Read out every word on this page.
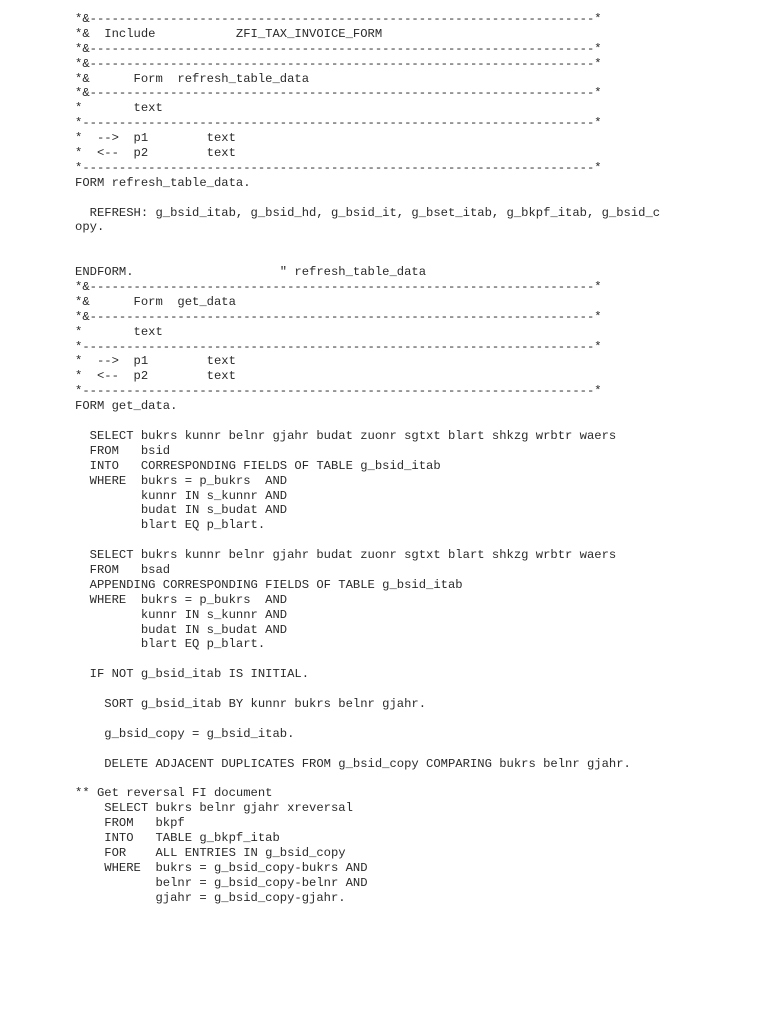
*&---------------------------------------------------------------------*
*&  Include           ZFI_TAX_INVOICE_FORM
*&---------------------------------------------------------------------*
*&---------------------------------------------------------------------*
*&      Form  refresh_table_data
*&---------------------------------------------------------------------*
*       text
*----------------------------------------------------------------------*
*  -->  p1        text
*  <--  p2        text
*----------------------------------------------------------------------*
FORM refresh_table_data.
REFRESH: g_bsid_itab, g_bsid_hd, g_bsid_it, g_bset_itab, g_bkpf_itab, g_bsid_c
opy.
ENDFORM.                    " refresh_table_data
*&---------------------------------------------------------------------*
*&      Form  get_data
*&---------------------------------------------------------------------*
*       text
*----------------------------------------------------------------------*
*  -->  p1        text
*  <--  p2        text
*----------------------------------------------------------------------*
FORM get_data.
SELECT bukrs kunnr belnr gjahr budat zuonr sgtxt blart shkzg wrbtr waers
FROM   bsid
INTO   CORRESPONDING FIELDS OF TABLE g_bsid_itab
WHERE  bukrs = p_bukrs  AND
kunnr IN s_kunnr AND
budat IN s_budat AND
blart EQ p_blart.
SELECT bukrs kunnr belnr gjahr budat zuonr sgtxt blart shkzg wrbtr waers
FROM   bsad
APPENDING CORRESPONDING FIELDS OF TABLE g_bsid_itab
WHERE  bukrs = p_bukrs  AND
kunnr IN s_kunnr AND
budat IN s_budat AND
blart EQ p_blart.
IF NOT g_bsid_itab IS INITIAL.
SORT g_bsid_itab BY kunnr bukrs belnr gjahr.
g_bsid_copy = g_bsid_itab.
DELETE ADJACENT DUPLICATES FROM g_bsid_copy COMPARING bukrs belnr gjahr.
** Get reversal FI document
SELECT bukrs belnr gjahr xreversal
FROM   bkpf
INTO   TABLE g_bkpf_itab
FOR    ALL ENTRIES IN g_bsid_copy
WHERE  bukrs = g_bsid_copy-bukrs AND
belnr = g_bsid_copy-belnr AND
gjahr = g_bsid_copy-gjahr.
